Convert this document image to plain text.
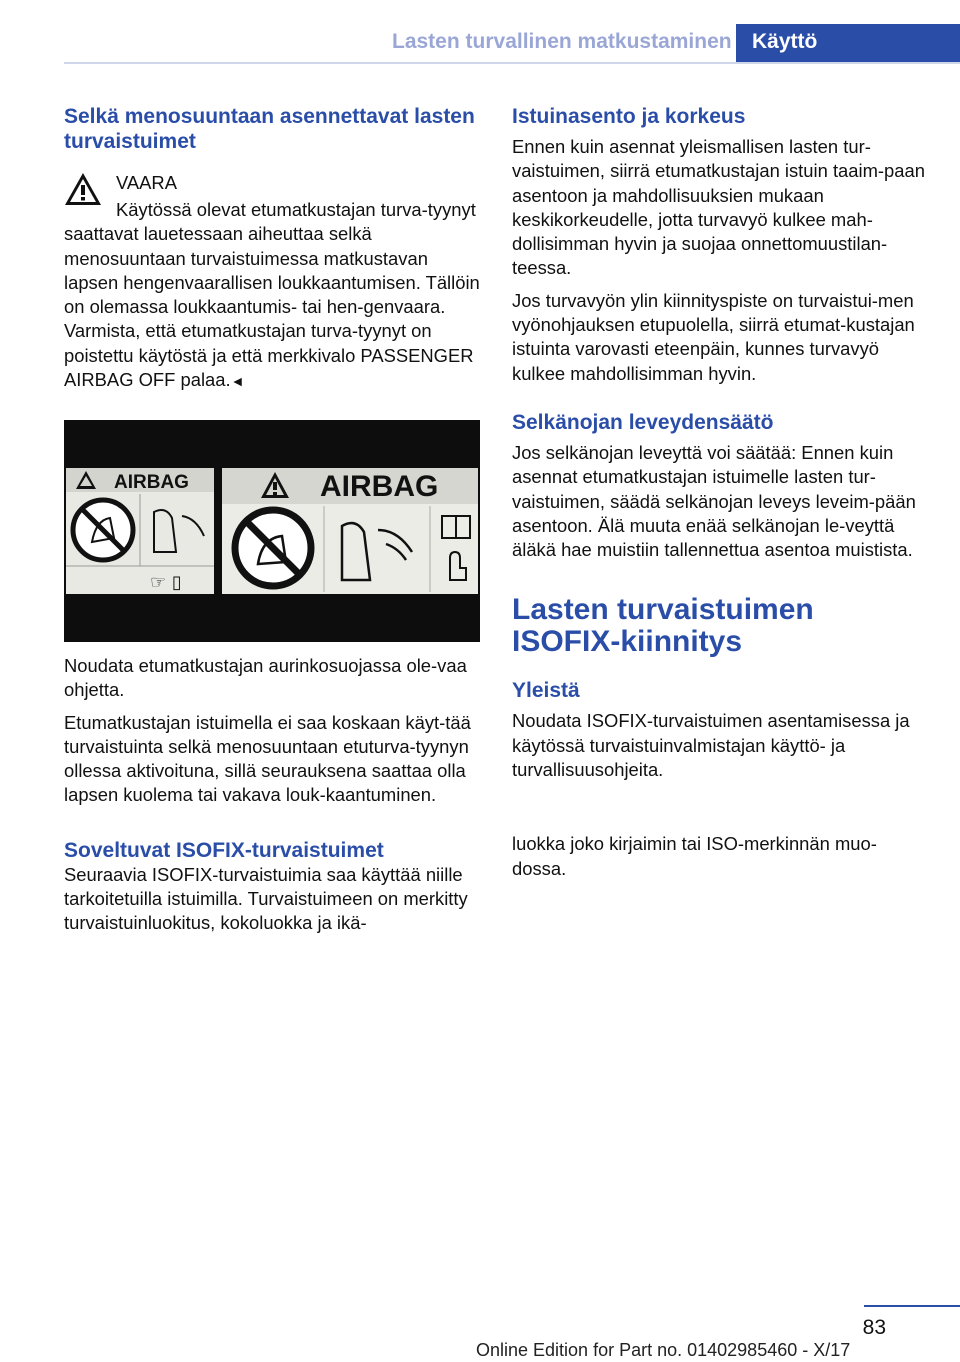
Lasten turvallinen matkustaminen Käyttö
Selkä menosuuntaan asennettavat lasten turvaistuimet
VAARA

Käytössä olevat etumatkustajan turva-tyynyt saattavat lauetessaan aiheuttaa selkä menosuuntaan turvaistuimessa matkustavan lapsen hengenvaarallisen loukkaantumisen. Tällöin on olemassa loukkaantumis- tai hen-genvaara. Varmista, että etumatkustajan turva-tyynyt on poistettu käytöstä ja että merkkivalo PASSENGER AIRBAG OFF palaa.◄

AIRBAG
☞ ▯
AIRBAG

Noudata etumatkustajan aurinkosuojassa ole-vaa ohjetta.

Etumatkustajan istuimella ei saa koskaan käyt-tää turvaistuinta selkä menosuuntaan etuturva-tyynyn ollessa aktivoituna, sillä seurauksena saattaa olla lapsen kuolema tai vakava louk-kaantuminen.

Soveltuvat ISOFIX-turvaistuimet

Seuraavia ISOFIX-turvaistuimia saa käyttää niille tarkoitetuilla istuimilla. Turvaistuimeen on merkitty turvaistuinluokitus, kokoluokka ja ikä-

Istuinasento ja korkeus

Ennen kuin asennat yleismallisen lasten tur-vaistuimen, siirrä etumatkustajan istuin taaim-paan asentoon ja mahdollisuuksien mukaan keskikorkeudelle, jotta turvavyö kulkee mah-dollisimman hyvin ja suojaa onnettomuustilan-teessa.

Jos turvavyön ylin kiinnityspiste on turvaistui-men vyönohjauksen etupuolella, siirrä etumat-kustajan istuinta varovasti eteenpäin, kunnes turvavyö kulkee mahdollisimman hyvin.

Selkänojan leveydensäätö

Jos selkänojan leveyttä voi säätää: Ennen kuin asennat etumatkustajan istuimelle lasten tur-vaistuimen, säädä selkänojan leveys leveim-pään asentoon. Älä muuta enää selkänojan le-veyttä äläkä hae muistiin tallennettua asentoa muistista.

Lasten turvaistuimen ISOFIX-kiinnitys
Yleistä

Noudata ISOFIX-turvaistuimen asentamisessa ja käytössä turvaistuinvalmistajan käyttö- ja turvallisuusohjeita.

luokka joko kirjaimin tai ISO-merkinnän muo-dossa.

83
Online Edition for Part no. 01402985460 - X/17
